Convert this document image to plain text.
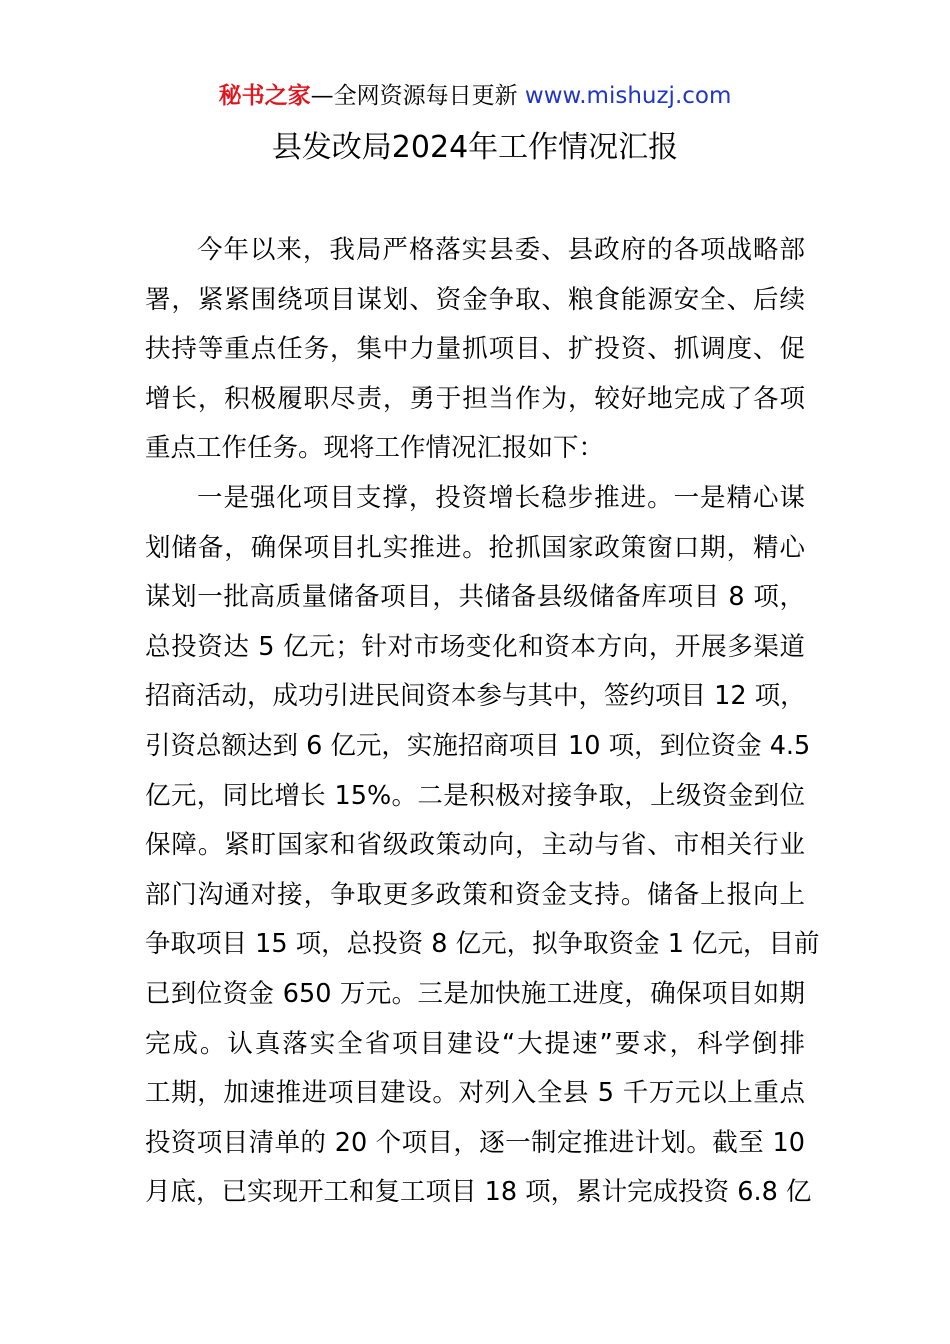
秘书之家—全网资源每日更新 www.mishuzj.com
县发改局2024年工作情况汇报
今年以来，我局严格落实县委、县政府的各项战略部
署，紧紧围绕项目谋划、资金争取、粮食能源安全、后续
扶持等重点任务，集中力量抓项目、扩投资、抓调度、促
增长，积极履职尽责，勇于担当作为，较好地完成了各项
重点工作任务。现将工作情况汇报如下：
一是强化项目支撑，投资增长稳步推进。一是精心谋
划储备，确保项目扎实推进。抢抓国家政策窗口期，精心
谋划一批高质量储备项目，共储备县级储备库项目 8 项，
总投资达 5 亿元；针对市场变化和资本方向，开展多渠道
招商活动，成功引进民间资本参与其中，签约项目 12 项，
引资总额达到 6 亿元，实施招商项目 10 项，到位资金 4.5
亿元，同比增长 15%。二是积极对接争取，上级资金到位
保障。紧盯国家和省级政策动向，主动与省、市相关行业
部门沟通对接，争取更多政策和资金支持。储备上报向上
争取项目 15 项，总投资 8 亿元，拟争取资金 1 亿元，目前
已到位资金 650 万元。三是加快施工进度，确保项目如期
完成。认真落实全省项目建设“大提速”要求，科学倒排
工期，加速推进项目建设。对列入全县 5 千万元以上重点
投资项目清单的 20 个项目，逐一制定推进计划。截至 10
月底，已实现开工和复工项目 18 项，累计完成投资 6.8 亿
